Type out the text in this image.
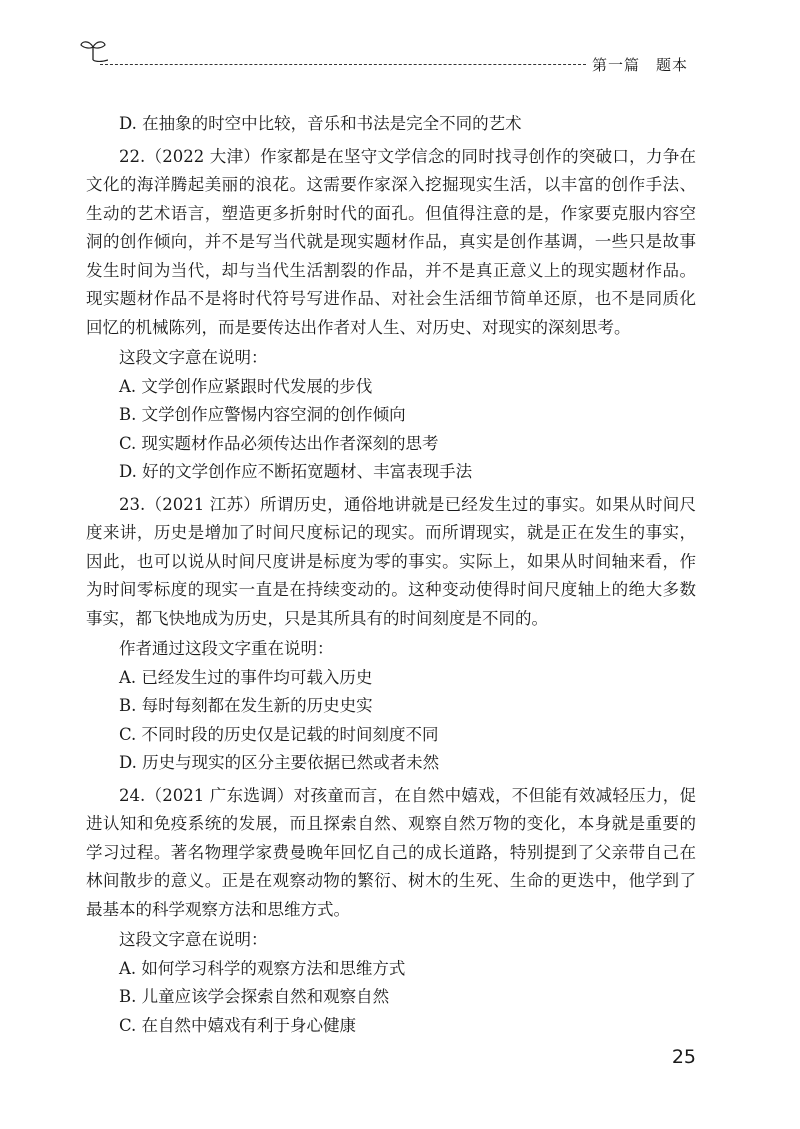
第一篇　题本
D. 在抽象的时空中比较，音乐和书法是完全不同的艺术
22.（2022 大津）作家都是在坚守文学信念的同时找寻创作的突破口，力争在文化的海洋腾起美丽的浪花。这需要作家深入挖掘现实生活，以丰富的创作手法、生动的艺术语言，塑造更多折射时代的面孔。但值得注意的是，作家要克服内容空洞的创作倾向，并不是写当代就是现实题材作品，真实是创作基调，一些只是故事发生时间为当代，却与当代生活割裂的作品，并不是真正意义上的现实题材作品。现实题材作品不是将时代符号写进作品、对社会生活细节简单还原，也不是同质化回忆的机械陈列，而是要传达出作者对人生、对历史、对现实的深刻思考。
这段文字意在说明：
A. 文学创作应紧跟时代发展的步伐
B. 文学创作应警惕内容空洞的创作倾向
C. 现实题材作品必须传达出作者深刻的思考
D. 好的文学创作应不断拓宽题材、丰富表现手法
23.（2021 江苏）所谓历史，通俗地讲就是已经发生过的事实。如果从时间尺度来讲，历史是增加了时间尺度标记的现实。而所谓现实，就是正在发生的事实，因此，也可以说从时间尺度讲是标度为零的事实。实际上，如果从时间轴来看，作为时间零标度的现实一直是在持续变动的。这种变动使得时间尺度轴上的绝大多数事实，都飞快地成为历史，只是其所具有的时间刻度是不同的。
作者通过这段文字重在说明：
A. 已经发生过的事件均可载入历史
B. 每时每刻都在发生新的历史史实
C. 不同时段的历史仅是记载的时间刻度不同
D. 历史与现实的区分主要依据已然或者未然
24.（2021 广东选调）对孩童而言，在自然中嬉戏，不但能有效减轻压力，促进认知和免疫系统的发展，而且探索自然、观察自然万物的变化，本身就是重要的学习过程。著名物理学家费曼晚年回忆自己的成长道路，特别提到了父亲带自己在林间散步的意义。正是在观察动物的繁衍、树木的生死、生命的更迭中，他学到了最基本的科学观察方法和思维方式。
这段文字意在说明：
A. 如何学习科学的观察方法和思维方式
B. 儿童应该学会探索自然和观察自然
C. 在自然中嬉戏有利于身心健康
25
